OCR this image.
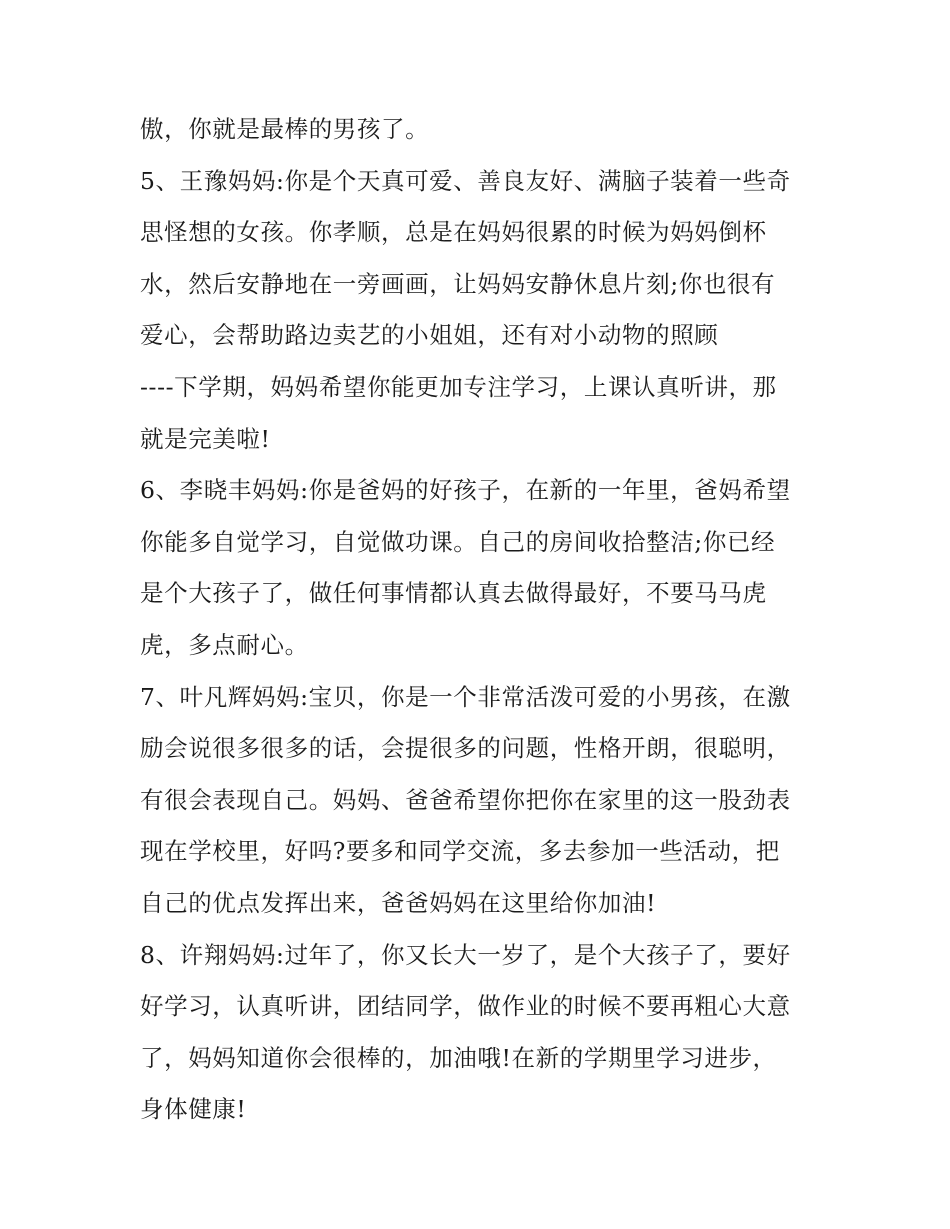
傲，你就是最棒的男孩了。
5、王豫妈妈:你是个天真可爱、善良友好、满脑子装着一些奇
思怪想的女孩。你孝顺，总是在妈妈很累的时候为妈妈倒杯
水，然后安静地在一旁画画，让妈妈安静休息片刻;你也很有
爱心，会帮助路边卖艺的小姐姐，还有对小动物的照顾
----下学期，妈妈希望你能更加专注学习，上课认真听讲，那
就是完美啦!
6、李晓丰妈妈:你是爸妈的好孩子，在新的一年里，爸妈希望
你能多自觉学习，自觉做功课。自己的房间收拾整洁;你已经
是个大孩子了，做任何事情都认真去做得最好，不要马马虎
虎，多点耐心。
7、叶凡辉妈妈:宝贝，你是一个非常活泼可爱的小男孩，在激
励会说很多很多的话，会提很多的问题，性格开朗，很聪明，
有很会表现自己。妈妈、爸爸希望你把你在家里的这一股劲表
现在学校里，好吗?要多和同学交流，多去参加一些活动，把
自己的优点发挥出来，爸爸妈妈在这里给你加油!
8、许翔妈妈:过年了，你又长大一岁了，是个大孩子了，要好
好学习，认真听讲，团结同学，做作业的时候不要再粗心大意
了，妈妈知道你会很棒的，加油哦!在新的学期里学习进步，
身体健康!
